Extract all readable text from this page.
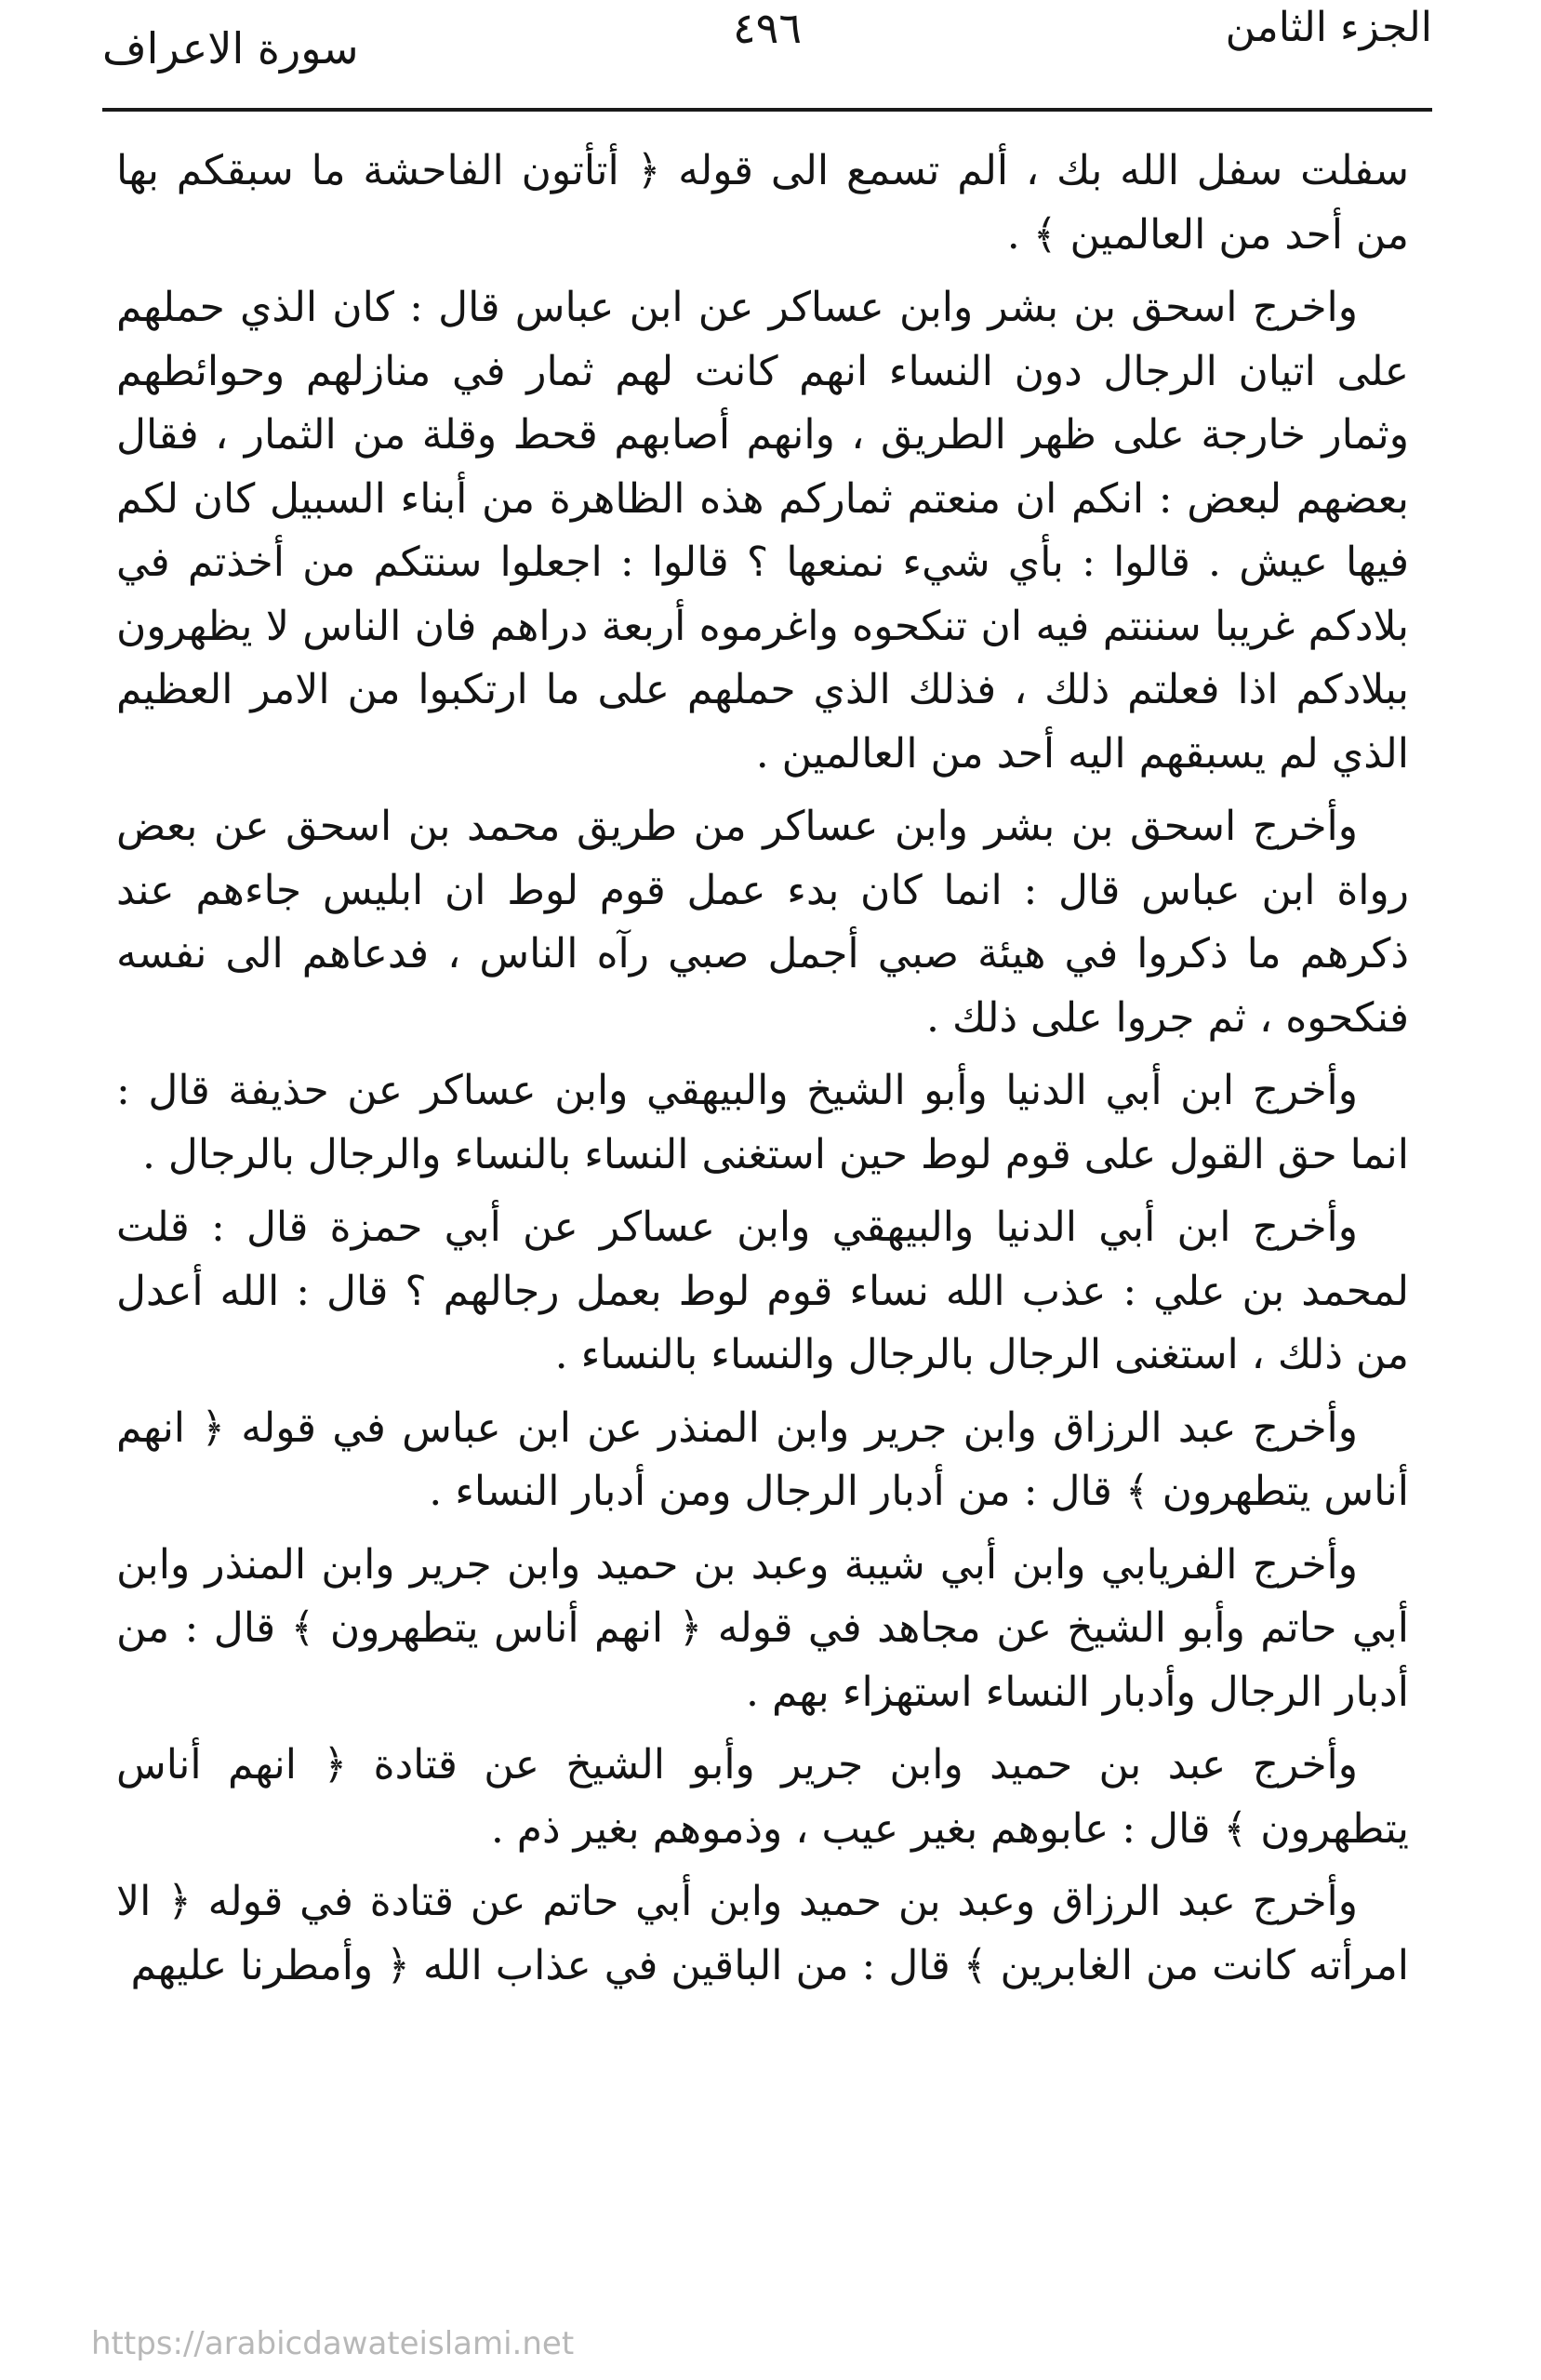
الجزء الثامن
٤٩٦
سورة الاعراف

سفلت سفل الله بك ، ألم تسمع الى قوله ﴿ أتأتون الفاحشة ما سبقكم بها من أحد من العالمين ﴾ .

واخرج اسحق بن بشر وابن عساكر عن ابن عباس قال : كان الذي حملهم على اتيان الرجال دون النساء انهم كانت لهم ثمار في منازلهم وحوائطهم وثمار خارجة على ظهر الطريق ، وانهم أصابهم قحط وقلة من الثمار ، فقال بعضهم لبعض : انكم ان منعتم ثماركم هذه الظاهرة من أبناء السبيل كان لكم فيها عيش . قالوا : بأي شيء نمنعها ؟ قالوا : اجعلوا سنتكم من أخذتم في بلادكم غريبا سننتم فيه ان تنكحوه واغرموه أربعة دراهم فان الناس لا يظهرون ببلادكم اذا فعلتم ذلك ، فذلك الذي حملهم على ما ارتكبوا من الامر العظيم الذي لم يسبقهم اليه أحد من العالمين .

وأخرج اسحق بن بشر وابن عساكر من طريق محمد بن اسحق عن بعض رواة ابن عباس قال : انما كان بدء عمل قوم لوط ان ابليس جاءهم عند ذكرهم ما ذكروا في هيئة صبي أجمل صبي رآه الناس ، فدعاهم الى نفسه فنكحوه ، ثم جروا على ذلك .

وأخرج ابن أبي الدنيا وأبو الشيخ والبيهقي وابن عساكر عن حذيفة قال : انما حق القول على قوم لوط حين استغنى النساء بالنساء والرجال بالرجال .

وأخرج ابن أبي الدنيا والبيهقي وابن عساكر عن أبي حمزة قال : قلت لمحمد بن علي : عذب الله نساء قوم لوط بعمل رجالهم ؟ قال : الله أعدل من ذلك ، استغنى الرجال بالرجال والنساء بالنساء .

وأخرج عبد الرزاق وابن جرير وابن المنذر عن ابن عباس في قوله ﴿ انهم أناس يتطهرون ﴾ قال : من أدبار الرجال ومن أدبار النساء .

وأخرج الفريابي وابن أبي شيبة وعبد بن حميد وابن جرير وابن المنذر وابن أبي حاتم وأبو الشيخ عن مجاهد في قوله ﴿ انهم أناس يتطهرون ﴾ قال : من أدبار الرجال وأدبار النساء استهزاء بهم .

وأخرج عبد بن حميد وابن جرير وأبو الشيخ عن قتادة ﴿ انهم أناس يتطهرون ﴾ قال : عابوهم بغير عيب ، وذموهم بغير ذم .

وأخرج عبد الرزاق وعبد بن حميد وابن أبي حاتم عن قتادة في قوله ﴿ الا امرأته كانت من الغابرين ﴾ قال : من الباقين في عذاب الله ﴿ وأمطرنا عليهم

https://arabicdawateislami.net
